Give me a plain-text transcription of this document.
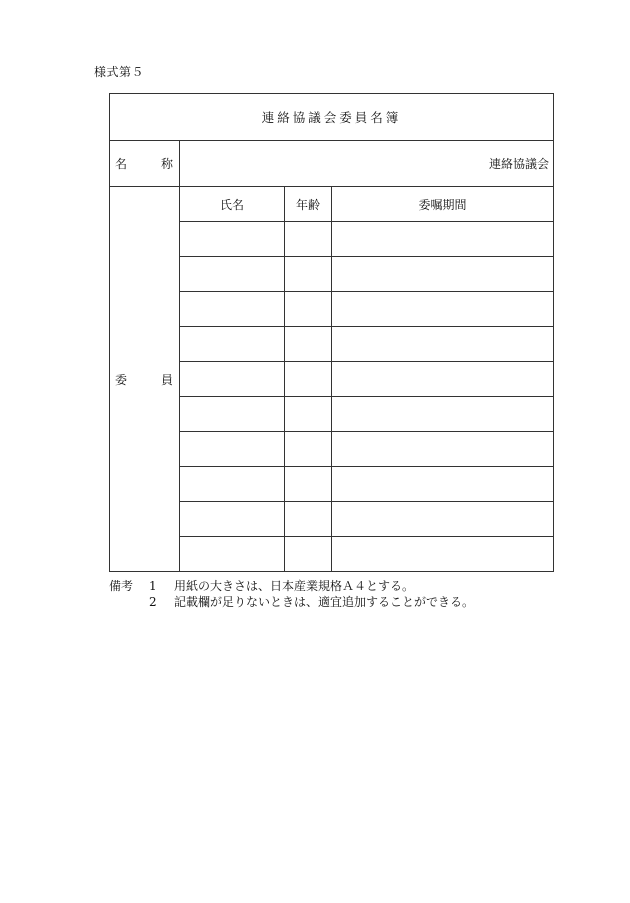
様式第５
連絡協議会委員名簿			

名 称	連絡協議会		

委 員	氏名	年齢	委嘱期間

備考	1	用紙の大きさは、日本産業規格Ａ４とする。
2	記載欄が足りないときは、適宜追加することができる。
